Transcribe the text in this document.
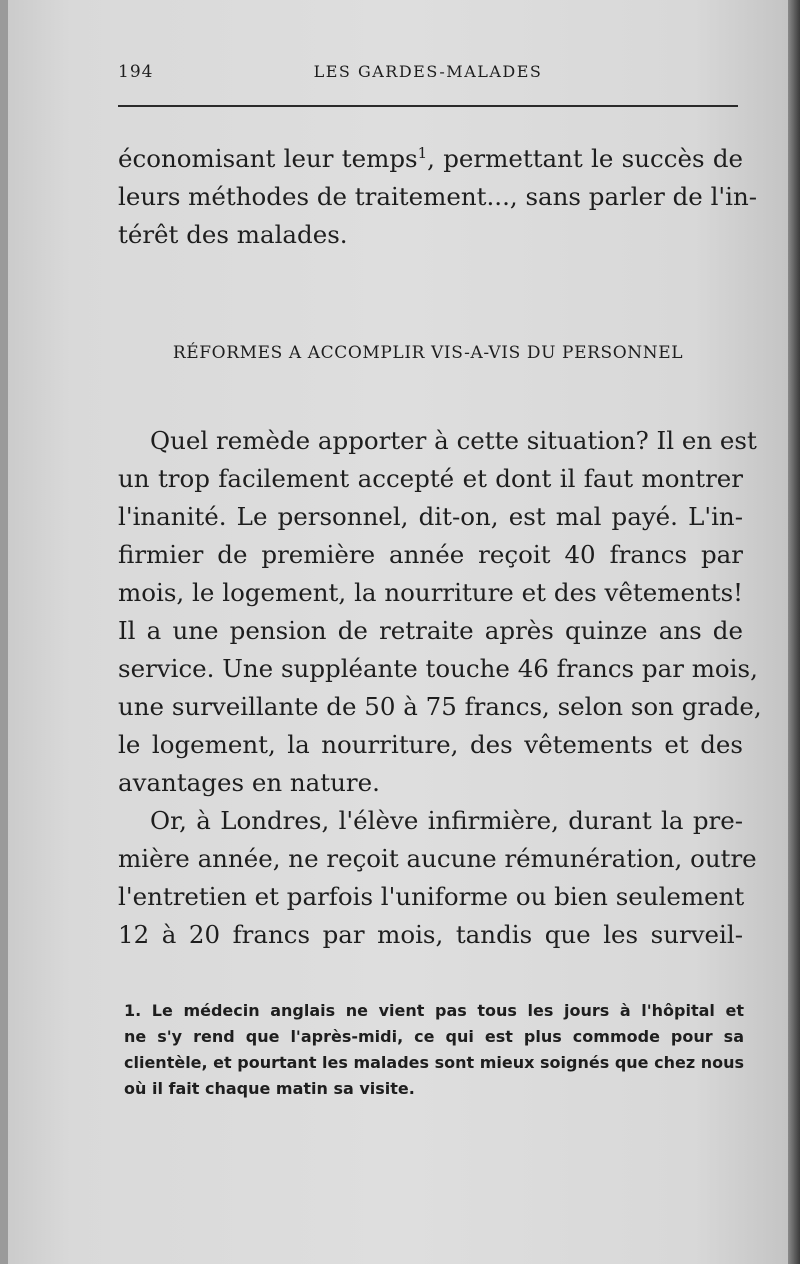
194	LES GARDES-MALADES
économisant leur temps$^1$, permettant le succès de
leurs méthodes de traitement..., sans parler de l'in-
térêt des malades.
RÉFORMES A ACCOMPLIR VIS-A-VIS DU PERSONNEL
Quel remède apporter à cette situation? Il en est
un trop facilement accepté et dont il faut montrer
l'inanité. Le personnel, dit-on, est mal payé. L'in-
firmier de première année reçoit 40 francs par
mois, le logement, la nourriture et des vêtements!
Il a une pension de retraite après quinze ans de
service. Une suppléante touche 46 francs par mois,
une surveillante de 50 à 75 francs, selon son grade,
le logement, la nourriture, des vêtements et des
avantages en nature.
Or, à Londres, l'élève infirmière, durant la pre-
mière année, ne reçoit aucune rémunération, outre
l'entretien et parfois l'uniforme ou bien seulement
12 à 20 francs par mois, tandis que les surveil-
1. Le médecin anglais ne vient pas tous les jours à l'hôpital et
ne s'y rend que l'après-midi, ce qui est plus commode pour sa
clientèle, et pourtant les malades sont mieux soignés que chez nous
où il fait chaque matin sa visite.
